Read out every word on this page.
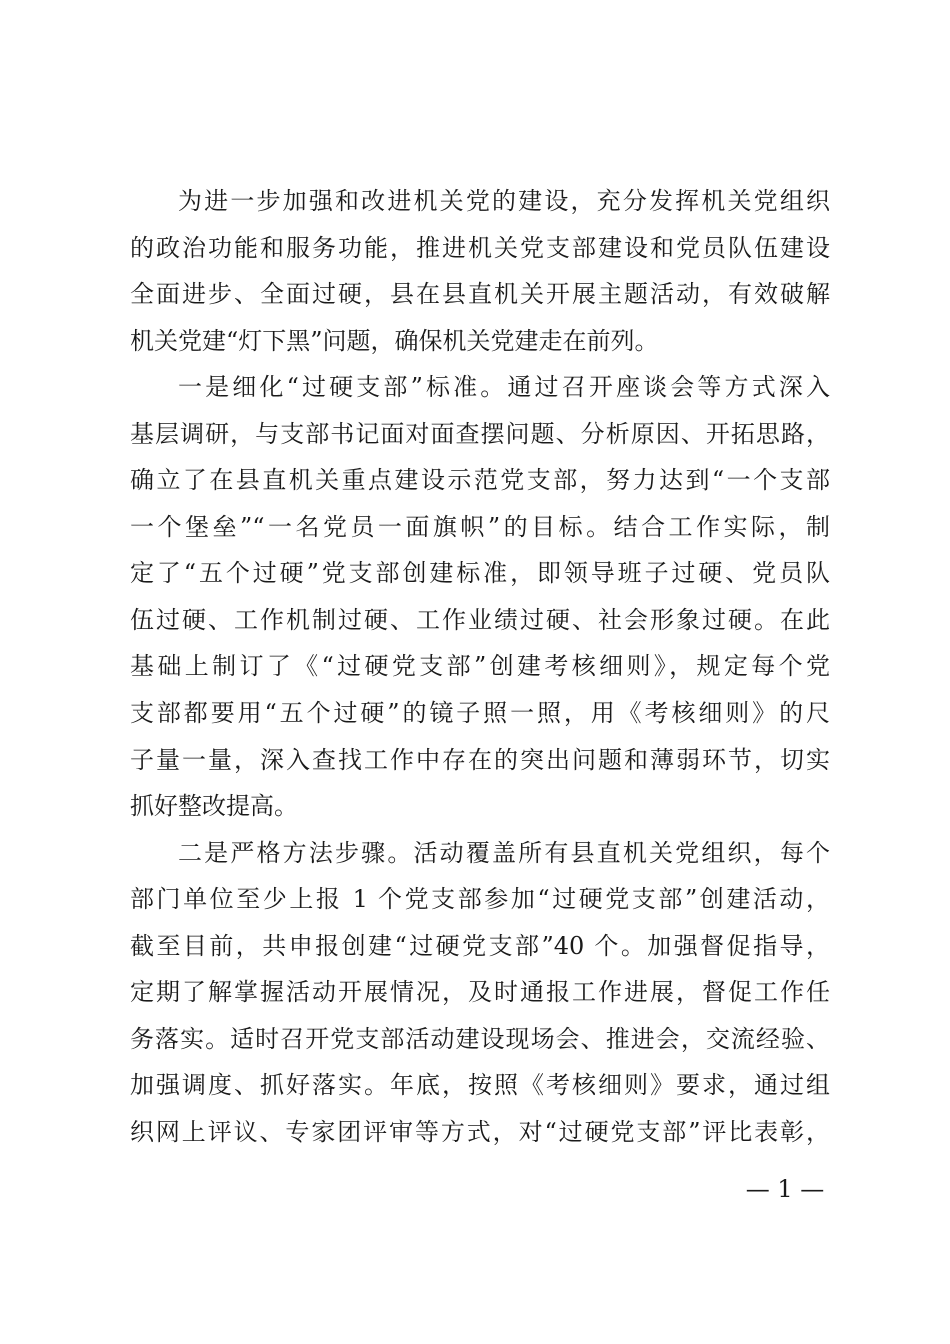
为进一步加强和改进机关党的建设，充分发挥机关党组织
的政治功能和服务功能，推进机关党支部建设和党员队伍建设
全面进步、全面过硬，县在县直机关开展主题活动，有效破解
机关党建“灯下黑”问题，确保机关党建走在前列。

一是细化“过硬支部”标准。通过召开座谈会等方式深入
基层调研，与支部书记面对面查摆问题、分析原因、开拓思路，
确立了在县直机关重点建设示范党支部，努力达到“一个支部
一个堡垒”“一名党员一面旗帜”的目标。结合工作实际，制
定了“五个过硬”党支部创建标准，即领导班子过硬、党员队
伍过硬、工作机制过硬、工作业绩过硬、社会形象过硬。在此
基础上制订了《“过硬党支部”创建考核细则》，规定每个党
支部都要用“五个过硬”的镜子照一照，用《考核细则》的尺
子量一量，深入查找工作中存在的突出问题和薄弱环节，切实
抓好整改提高。

二是严格方法步骤。活动覆盖所有县直机关党组织，每个
部门单位至少上报 1 个党支部参加“过硬党支部”创建活动，
截至目前，共申报创建“过硬党支部”40 个。加强督促指导，
定期了解掌握活动开展情况，及时通报工作进展，督促工作任
务落实。适时召开党支部活动建设现场会、推进会，交流经验、
加强调度、抓好落实。年底，按照《考核细则》要求，通过组
织网上评议、专家团评审等方式，对“过硬党支部”评比表彰，

— 1 —
